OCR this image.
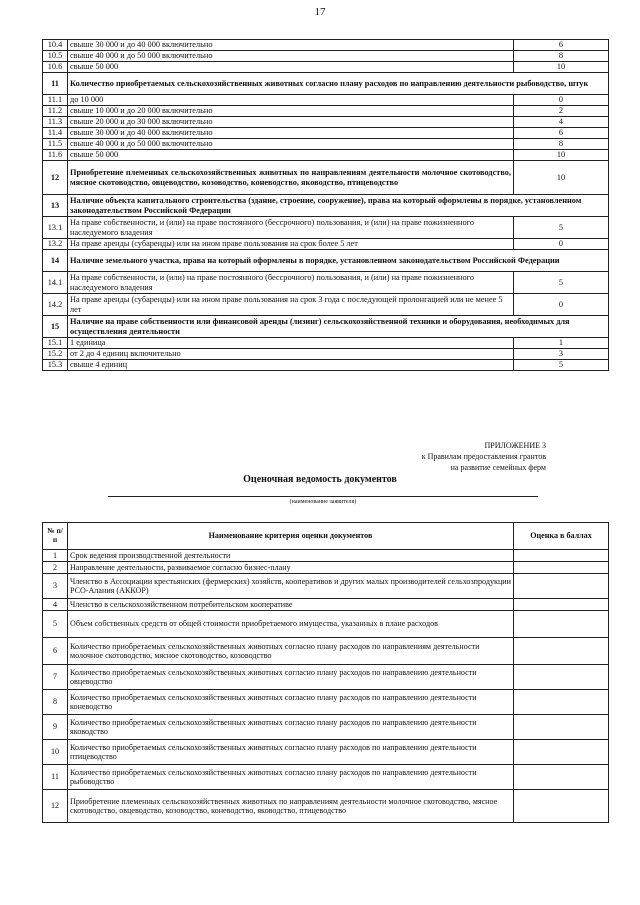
17
10.4	свыше 30 000 и до 40 000 включительно	6
10.5	свыше 40 000 и до 50 000 включительно	8
10.6	свыше 50 000	10
11	Количество приобретаемых сельскохозяйственных животных согласно плану расходов по направлению деятельности рыбоводство, штук	
11.1	до 10 000	0
11.2	свыше 10 000 и до 20 000 включительно	2
11.3	свыше 20 000 и до 30 000 включительно	4
11.4	свыше 30 000 и до 40 000 включительно	6
11.5	свыше 40 000 и до 50 000 включительно	8
11.6	свыше 50 000	10
12	Приобретение племенных сельскохозяйственных животных по направлениям деятельности молочное скотоводство, мясное скотоводство, овцеводство, козоводство, коневодство, яководство, птицеводство	10
13	Наличие объекта капитального строительства (здание, строение, сооружение), права на который оформлены в порядке, установленном законодательством Российской Федерации	
13.1	На праве собственности, и (или) на праве постоянного (бессрочного) пользования, и (или) на праве пожизненного наследуемого владения	5
13.2	На праве аренды (субаренды) или на ином праве пользования на срок более 5 лет	0
14	Наличие земельного участка, права на который оформлены в порядке, установленном законодательством Российской Федерации	
14.1	На праве собственности, и (или) на праве постоянного (бессрочного) пользования, и (или) на праве пожизненного наследуемого владения	5
14.2	На праве аренды (субаренды) или на ином праве пользования на срок 3 года с последующей пролонгацией или не менее 5 лет	0
15	Наличие на праве собственности или финансовой аренды (лизинг) сельскохозяйственной техники и оборудования, необходимых для осуществления деятельности	
15.1	1 единица	1
15.2	от 2 до 4 единиц включительно	3
15.3	свыше 4 единиц	5
ПРИЛОЖЕНИЕ 3
к Правилам предоставления грантов
на развитие семейных ферм
Оценочная ведомость документов
(наименование заявителя)
№ п/п	Наименование критерия оценки документов	Оценка в баллах
1	Срок ведения производственной деятельности	
2	Направление деятельности, развиваемое согласно бизнес-плану	
3	Членство в Ассоциации крестьянских (фермерских) хозяйств, кооперативов и других малых производителей сельхозпродукции РСО-Алания (АККОР)	
4	Членство в сельскохозяйственном потребительском кооперативе	
5	Объем собственных средств от общей стоимости приобретаемого имущества, указанных в плане расходов	
6	Количество приобретаемых сельскохозяйственных животных согласно плану расходов по направлениям деятельности молочное скотоводство, мясное скотоводство, козоводство	
7	Количество приобретаемых сельскохозяйственных животных согласно плану расходов по направлению деятельности овцеводство	
8	Количество приобретаемых сельскохозяйственных животных согласно плану расходов по направлению деятельности коневодство	
9	Количество приобретаемых сельскохозяйственных животных согласно плану расходов по направлению деятельности яководство	
10	Количество приобретаемых сельскохозяйственных животных согласно плану расходов по направлению деятельности птицеводство	
11	Количество приобретаемых сельскохозяйственных животных согласно плану расходов по направлению деятельности рыбоводство	
12	Приобретение племенных сельскохозяйственных животных по направлениям деятельности молочное скотоводство, мясное скотоводство, овцеводство, козоводство, коневодство, яководство, птицеводство	
